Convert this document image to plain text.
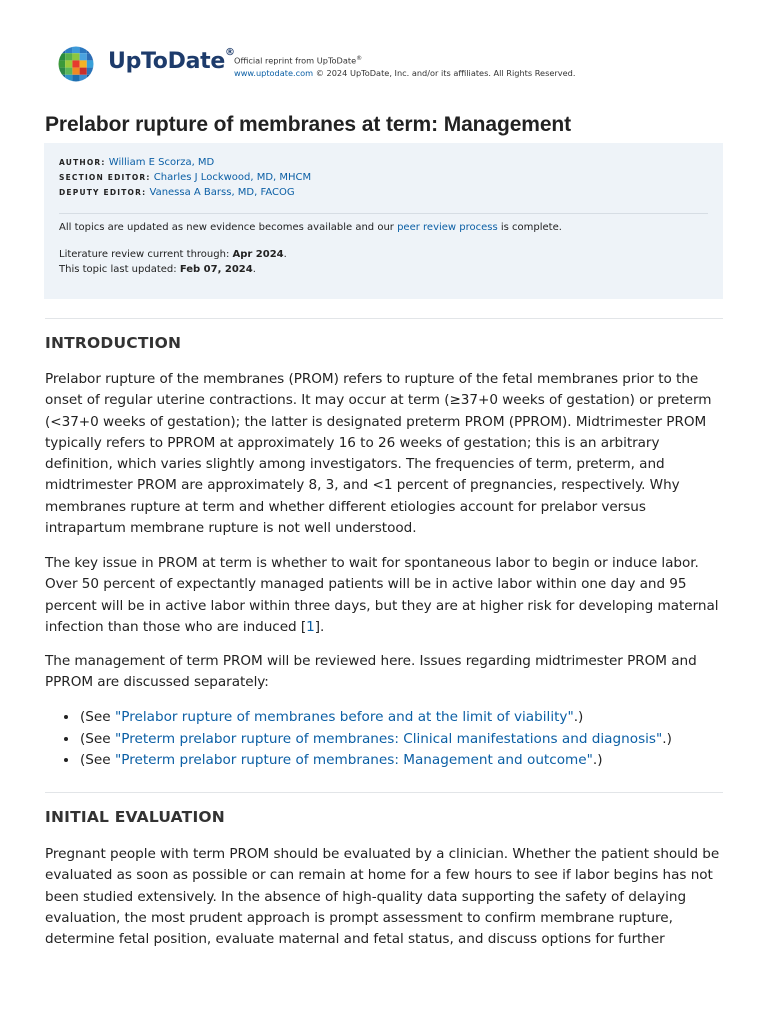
UpToDate®
Official reprint from UpToDate®
www.uptodate.com © 2024 UpToDate, Inc. and/or its affiliates. All Rights Reserved.
Prelabor rupture of membranes at term: Management
AUTHOR: William E Scorza, MD
SECTION EDITOR: Charles J Lockwood, MD, MHCM
DEPUTY EDITOR: Vanessa A Barss, MD, FACOG

All topics are updated as new evidence becomes available and our peer review process is complete.

Literature review current through: Apr 2024.

This topic last updated: Feb 07, 2024.

INTRODUCTION

Prelabor rupture of the membranes (PROM) refers to rupture of the fetal membranes prior to the onset of regular uterine contractions. It may occur at term (≥37+0 weeks of gestation) or preterm (<37+0 weeks of gestation); the latter is designated preterm PROM (PPROM). Midtrimester PROM typically refers to PPROM at approximately 16 to 26 weeks of gestation; this is an arbitrary definition, which varies slightly among investigators. The frequencies of term, preterm, and midtrimester PROM are approximately 8, 3, and <1 percent of pregnancies, respectively. Why membranes rupture at term and whether different etiologies account for prelabor versus intrapartum membrane rupture is not well understood.

The key issue in PROM at term is whether to wait for spontaneous labor to begin or induce labor. Over 50 percent of expectantly managed patients will be in active labor within one day and 95 percent will be in active labor within three days, but they are at higher risk for developing maternal infection than those who are induced [1].

The management of term PROM will be reviewed here. Issues regarding midtrimester PROM and PPROM are discussed separately:

• (See "Prelabor rupture of membranes before and at the limit of viability".)
• (See "Preterm prelabor rupture of membranes: Clinical manifestations and diagnosis".)
• (See "Preterm prelabor rupture of membranes: Management and outcome".)
INITIAL EVALUATION

Pregnant people with term PROM should be evaluated by a clinician. Whether the patient should be evaluated as soon as possible or can remain at home for a few hours to see if labor begins has not been studied extensively. In the absence of high-quality data supporting the safety of delaying evaluation, the most prudent approach is prompt assessment to confirm membrane rupture, determine fetal position, evaluate maternal and fetal status, and discuss options for further
